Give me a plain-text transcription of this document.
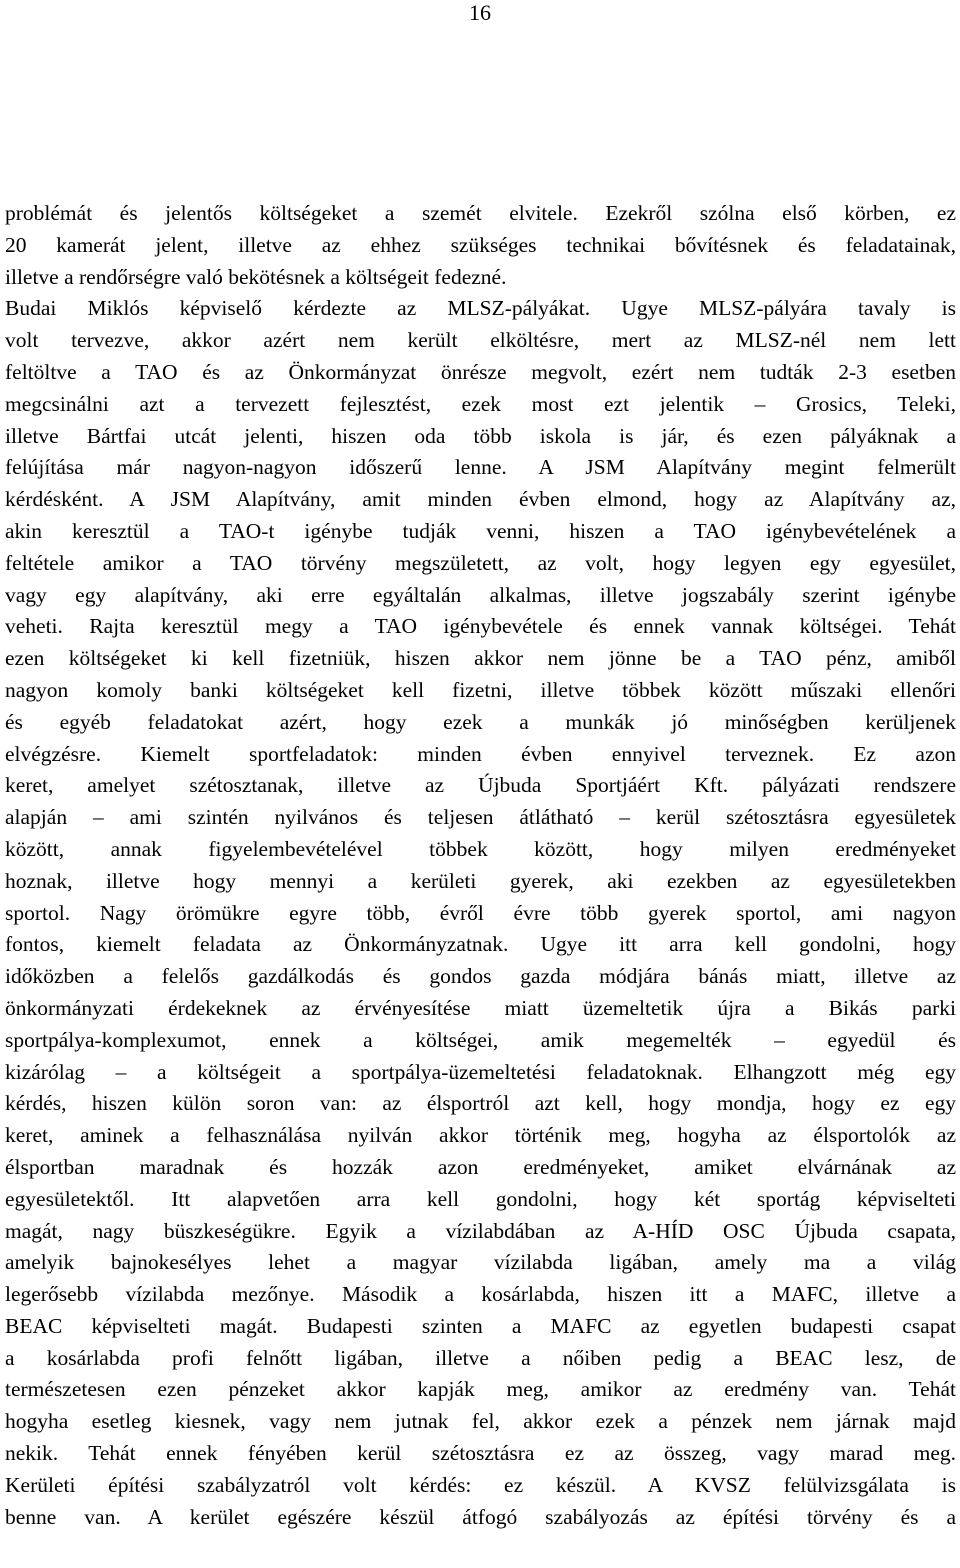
16
problémát és jelentős költségeket a szemét elvitele. Ezekről szólna első körben, ez
20 kamerát jelent, illetve az ehhez szükséges technikai bővítésnek és feladatainak,
illetve a rendőrségre való bekötésnek a költségeit fedezné.
Budai Miklós képviselő kérdezte az MLSZ-pályákat. Ugye MLSZ-pályára tavaly is
volt tervezve, akkor azért nem került elköltésre, mert az MLSZ-nél nem lett
feltöltve a TAO és az Önkormányzat önrésze megvolt, ezért nem tudták 2-3 esetben
megcsinálni azt a tervezett fejlesztést, ezek most ezt jelentik – Grosics, Teleki,
illetve Bártfai utcát jelenti, hiszen oda több iskola is jár, és ezen pályáknak a
felújítása már nagyon-nagyon időszerű lenne. A JSM Alapítvány megint felmerült
kérdésként. A JSM Alapítvány, amit minden évben elmond, hogy az Alapítvány az,
akin keresztül a TAO-t igénybe tudják venni, hiszen a TAO igénybevételének a
feltétele amikor a TAO törvény megszületett, az volt, hogy legyen egy egyesület,
vagy egy alapítvány, aki erre egyáltalán alkalmas, illetve jogszabály szerint igénybe
veheti. Rajta keresztül megy a TAO igénybevétele és ennek vannak költségei. Tehát
ezen költségeket ki kell fizetniük, hiszen akkor nem jönne be a TAO pénz, amiből
nagyon komoly banki költségeket kell fizetni, illetve többek között műszaki ellenőri
és egyéb feladatokat azért, hogy ezek a munkák jó minőségben kerüljenek
elvégzésre. Kiemelt sportfeladatok: minden évben ennyivel terveznek. Ez azon
keret, amelyet szétosztanak, illetve az Újbuda Sportjáért Kft. pályázati rendszere
alapján – ami szintén nyilvános és teljesen átlátható – kerül szétosztásra egyesületek
között, annak figyelembevételével többek között, hogy milyen eredményeket
hoznak, illetve hogy mennyi a kerületi gyerek, aki ezekben az egyesületekben
sportol. Nagy örömükre egyre több, évről évre több gyerek sportol, ami nagyon
fontos, kiemelt feladata az Önkormányzatnak. Ugye itt arra kell gondolni, hogy
időközben a felelős gazdálkodás és gondos gazda módjára bánás miatt, illetve az
önkormányzati érdekeknek az érvényesítése miatt üzemeltetik újra a Bikás parki
sportpálya-komplexumot, ennek a költségei, amik megemelték – egyedül és
kizárólag – a költségeit a sportpálya-üzemeltetési feladatoknak. Elhangzott még egy
kérdés, hiszen külön soron van: az élsportról azt kell, hogy mondja, hogy ez egy
keret, aminek a felhasználása nyilván akkor történik meg, hogyha az élsportolók az
élsportban maradnak és hozzák azon eredményeket, amiket elvárnának az
egyesületektől. Itt alapvetően arra kell gondolni, hogy két sportág képviselteti
magát, nagy büszkeségükre. Egyik a vízilabdában az A-HÍD OSC Újbuda csapata,
amelyik bajnokesélyes lehet a magyar vízilabda ligában, amely ma a világ
legerősebb vízilabda mezőnye. Második a kosárlabda, hiszen itt a MAFC, illetve a
BEAC képviselteti magát. Budapesti szinten a MAFC az egyetlen budapesti csapat
a kosárlabda profi felnőtt ligában, illetve a nőiben pedig a BEAC lesz, de
természetesen ezen pénzeket akkor kapják meg, amikor az eredmény van. Tehát
hogyha esetleg kiesnek, vagy nem jutnak fel, akkor ezek a pénzek nem járnak majd
nekik. Tehát ennek fényében kerül szétosztásra ez az összeg, vagy marad meg.
Kerületi építési szabályzatról volt kérdés: ez készül. A KVSZ felülvizsgálata is
benne van. A kerület egészére készül átfogó szabályozás az építési törvény és a
